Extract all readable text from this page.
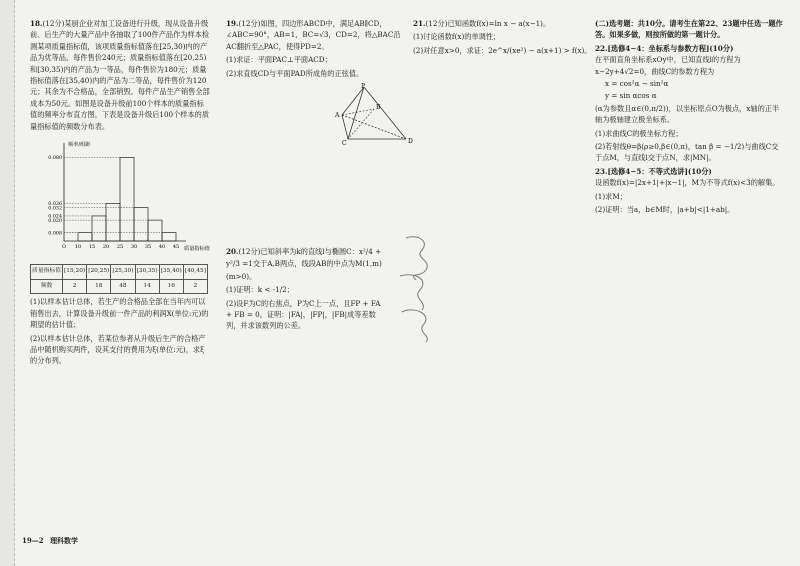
18.(12分)某厨企业对加工设备进行升级，现从设备升级前、后生产的大量产品中各抽取了100件产品作为样本检测某项质量指标值，该项质量指标值落在[25,30)内的产品为优等品，每件售价240元；质量指标值落在[20,25)和[30,35)内的产品为一等品，每件售价为180元；质量指标值落在[35,40)内的产品为二等品，每件售价为120元；其余为不合格品，全部销毁。每件产品生产销售全部成本为50元。如图是设备升级前100个样本的质量指标值的频率分布直方图，下表是设备升级后100个样本的质量指标值的频数分布表。

频率/组距
质量指标值
0.008
0.020
0.024
0.032
0.036
0.080
O 10 15 20 25 30 35 40 45
质量指标值	[15,20)	[20,25)	[25,30)	[30,35)	[35,40)	[40,45]
频数	2	18	48	14	16	2

(1)以样本估计总体，若生产的合格品全部在当年内可以销售出去，计算设备升级前一件产品的利润X(单位:元)的期望的估计值；

(2)以样本估计总体，若某位参者从升级后生产的合格产品中随机购买两件，设其支付的费用为ξ(单位:元)，求ξ的分布列。

19.(12分)如图，四边形ABCD中，满足AB∥CD，∠ABC=90°，AB=1，BC=√3，CD=2，将△BAC沿AC翻折至△PAC，使得PD=2。

(1)求证：平面PAC⊥平面ACD；

(2)求直线CD与平面PAD所成角的正弦值。

P
A
B
C	D

20.(12分)已知斜率为k的直线l与椭圆C：x²/4 +

y²/3 =1交于A,B两点，线段AB的中点为M(1,m)

(m>0)。

(1)证明：k < -1/2；

(2)设F为C的右焦点，P为C上一点，且FP + FA + FB = 0。证明：|FA|，|FP|，|FB|成等差数列，并求该数列的公差。

21.(12分)已知函数f(x)=ln x − a(x−1)。

(1)讨论函数f(x)的单调性；

(2)对任意x>0，求证：2e^x/(xe²) − a(x+1) > f(x)。

(二)选考题：共10分。请考生在第22、23题中任选一题作答。如果多做，则按所做的第一题计分。

22.[选修4−4：坐标系与参数方程](10分)

在平面直角坐标系xOy中，已知直线l的方程为x−2y+4√2=0，曲线C的参数方程为

x = cos²α − sin²α

y = sin αcos α

(α为参数且α∈(0,π/2))，以坐标原点O为极点，x轴的正半轴为极轴建立极坐标系。

(1)求曲线C的极坐标方程；

(2)若射线θ=β(ρ≥0,β∈(0,π)，tan β = −1/2)与曲线C交于点M，与直线l交于点N，求|MN|。

23.[选修4−5：不等式选讲](10分)

设函数f(x)=|2x+1|+|x−1|，M为不等式f(x)<3的解集。

(1)求M；

(2)证明：当a，b∈M时，|a+b|<|1+ab|。

19—2 理科数学
